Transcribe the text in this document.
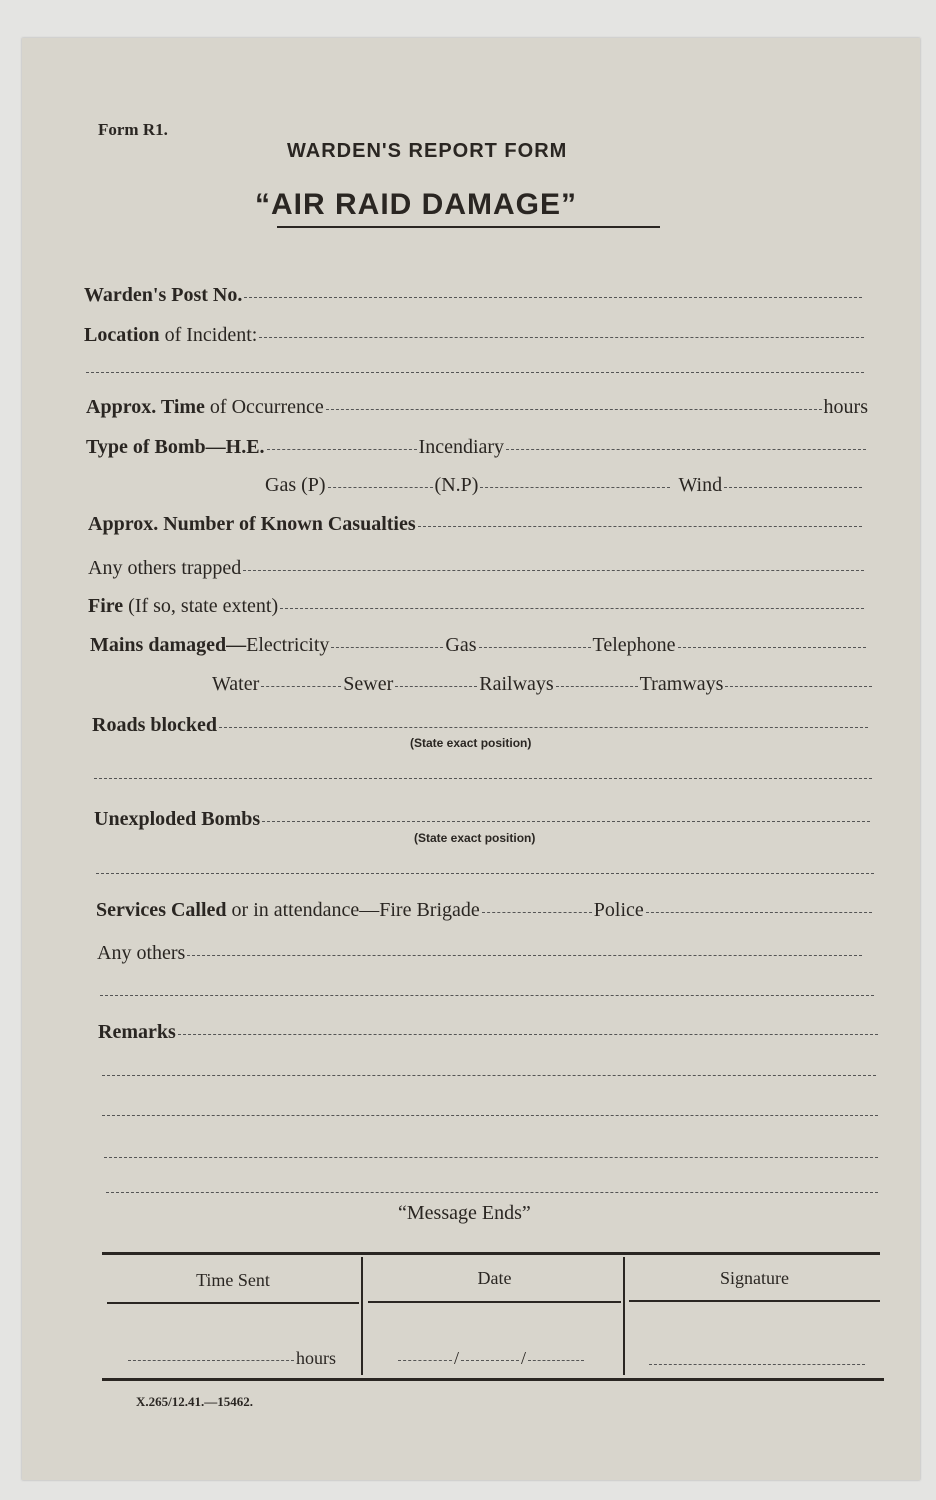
Form R1.
WARDEN'S REPORT FORM
“AIR RAID DAMAGE”
Warden's Post No.
Location
of Incident:
Approx. Time
of Occurrence	hours
Type of Bomb—H.E.	Incendiary
Gas (P)	(N.P)	Wind
Approx. Number of Known Casualties
Any others trapped
Fire
(If so, state extent)
Mains damaged— Electricity	Gas	Telephone
Water	Sewer	Railways	Tramways
Roads blocked
(State exact position)
Unexploded Bombs
(State exact position)
Services Called
or in attendance—Fire Brigade	Police
Any others
Remarks
“Message Ends”
Time Sent	Date	Signature
hours	/	/
X.265/12.41.—15462.
